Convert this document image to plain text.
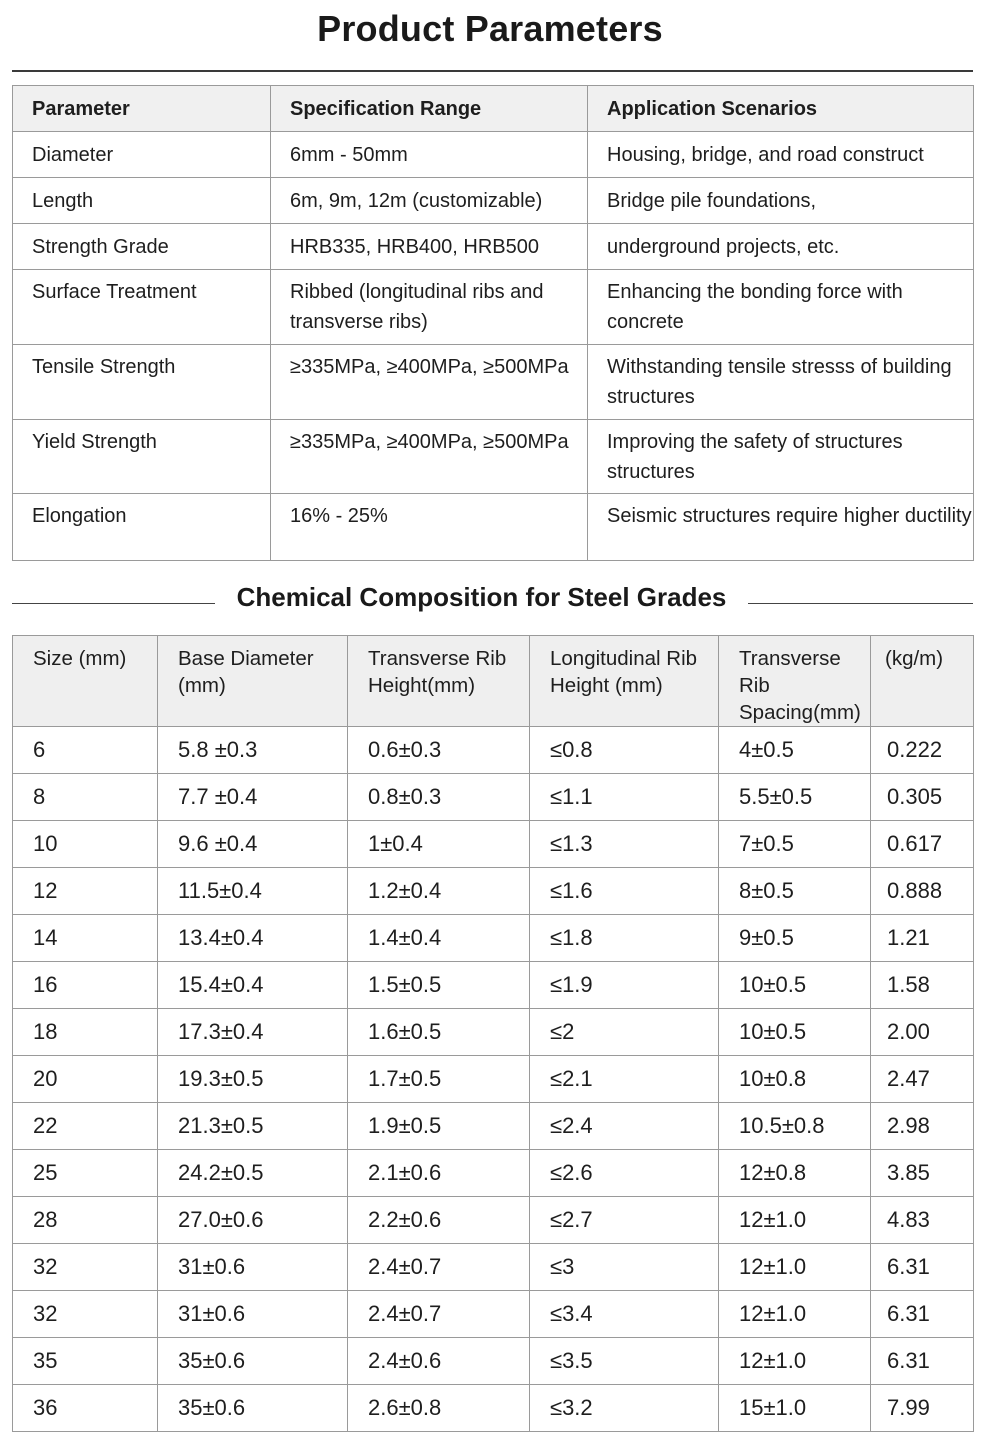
Product Parameters
Parameter	Specification Range	Application Scenarios
Diameter	6mm - 50mm	Housing, bridge, and road construct
Length	6m, 9m, 12m (customizable)	Bridge pile foundations,
Strength Grade	HRB335, HRB400, HRB500	underground projects, etc.
Surface Treatment	Ribbed (longitudinal ribs and transverse ribs)	Enhancing the bonding force with concrete
Tensile Strength	≥335MPa, ≥400MPa, ≥500MPa	Withstanding tensile stresss of building structures
Yield Strength	≥335MPa, ≥400MPa, ≥500MPa	Improving the safety of structures structures
Elongation	16% - 25%	Seismic structures require higher ductility
Chemical Composition for Steel Grades
Size (mm)	Base Diameter (mm)	Transverse Rib Height(mm)	Longitudinal Rib Height (mm)	Transverse Rib Spacing(mm)	(kg/m)
6	5.8 ±0.3	0.6±0.3	≤0.8	4±0.5	0.222
8	7.7 ±0.4	0.8±0.3	≤1.1	5.5±0.5	0.305
10	9.6 ±0.4	1±0.4	≤1.3	7±0.5	0.617
12	11.5±0.4	1.2±0.4	≤1.6	8±0.5	0.888
14	13.4±0.4	1.4±0.4	≤1.8	9±0.5	1.21
16	15.4±0.4	1.5±0.5	≤1.9	10±0.5	1.58
18	17.3±0.4	1.6±0.5	≤2	10±0.5	2.00
20	19.3±0.5	1.7±0.5	≤2.1	10±0.8	2.47
22	21.3±0.5	1.9±0.5	≤2.4	10.5±0.8	2.98
25	24.2±0.5	2.1±0.6	≤2.6	12±0.8	3.85
28	27.0±0.6	2.2±0.6	≤2.7	12±1.0	4.83
32	31±0.6	2.4±0.7	≤3	12±1.0	6.31
32	31±0.6	2.4±0.7	≤3.4	12±1.0	6.31
35	35±0.6	2.4±0.6	≤3.5	12±1.0	6.31
36	35±0.6	2.6±0.8	≤3.2	15±1.0	7.99
